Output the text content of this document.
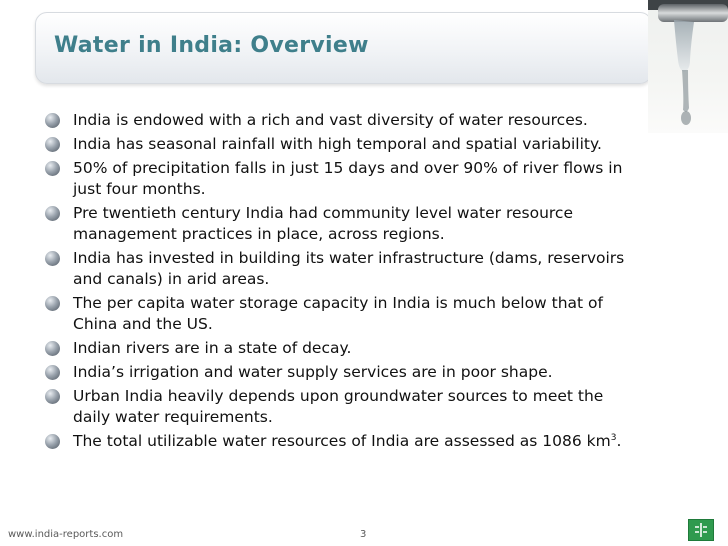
Water in India: Overview
India is endowed with a rich and vast diversity of water resources.
India has seasonal rainfall with high temporal and spatial variability.
50% of precipitation falls in just 15 days and over 90% of river flows in just four months.
Pre twentieth century India had community level water resource management practices in place, across regions.
India has invested in building its water infrastructure (dams, reservoirs and canals) in arid areas.
The per capita water storage capacity in India is much below that of China and the US.
Indian rivers are in a state of decay.
India’s irrigation and water supply services are in poor shape.
Urban India heavily depends upon groundwater sources to meet the daily water requirements.
The total utilizable water resources of India are assessed as 1086 $km^3$.
www.india-reports.com	3
